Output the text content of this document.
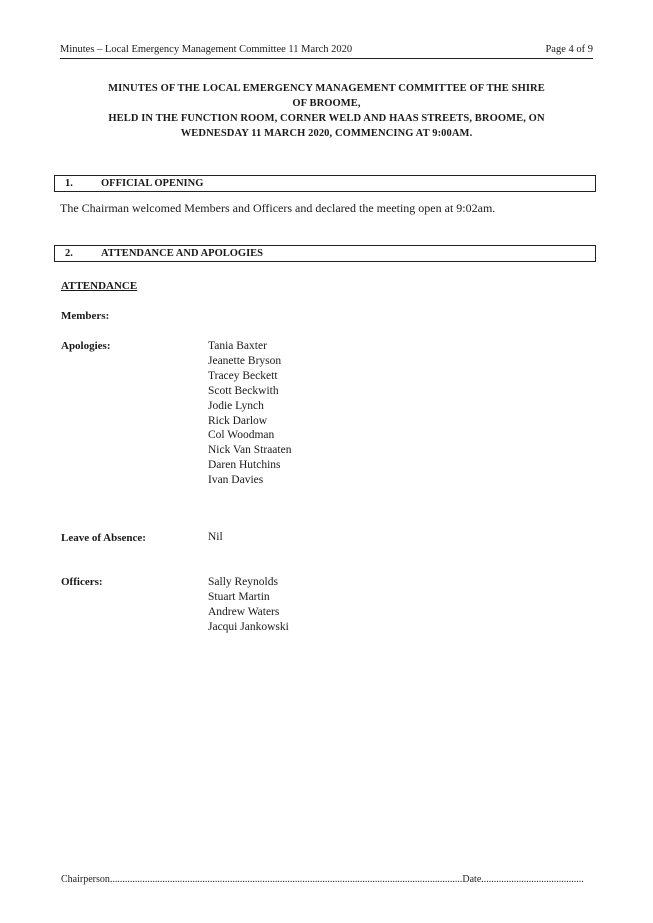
Minutes – Local Emergency Management Committee 11 March 2020	Page 4 of 9
MINUTES OF THE LOCAL EMERGENCY MANAGEMENT COMMITTEE OF THE SHIRE
OF BROOME,
HELD IN THE FUNCTION ROOM, CORNER WELD AND HAAS STREETS, BROOME, ON
WEDNESDAY 11 MARCH 2020, COMMENCING AT 9:00AM.
1.	OFFICIAL OPENING
The Chairman welcomed Members and Officers and declared the meeting open at 9:02am.
2.	ATTENDANCE AND APOLOGIES
ATTENDANCE
Members:
Apologies:	Tania Baxter
Jeanette Bryson
Tracey Beckett
Scott Beckwith
Jodie Lynch
Rick Darlow
Col Woodman
Nick Van Straaten
Daren Hutchins
Ivan Davies
Leave of Absence:	Nil
Officers:	Sally Reynolds
Stuart Martin
Andrew Waters
Jacqui Jankowski
Chairperson.............................................................................................................................................Date.........................................
